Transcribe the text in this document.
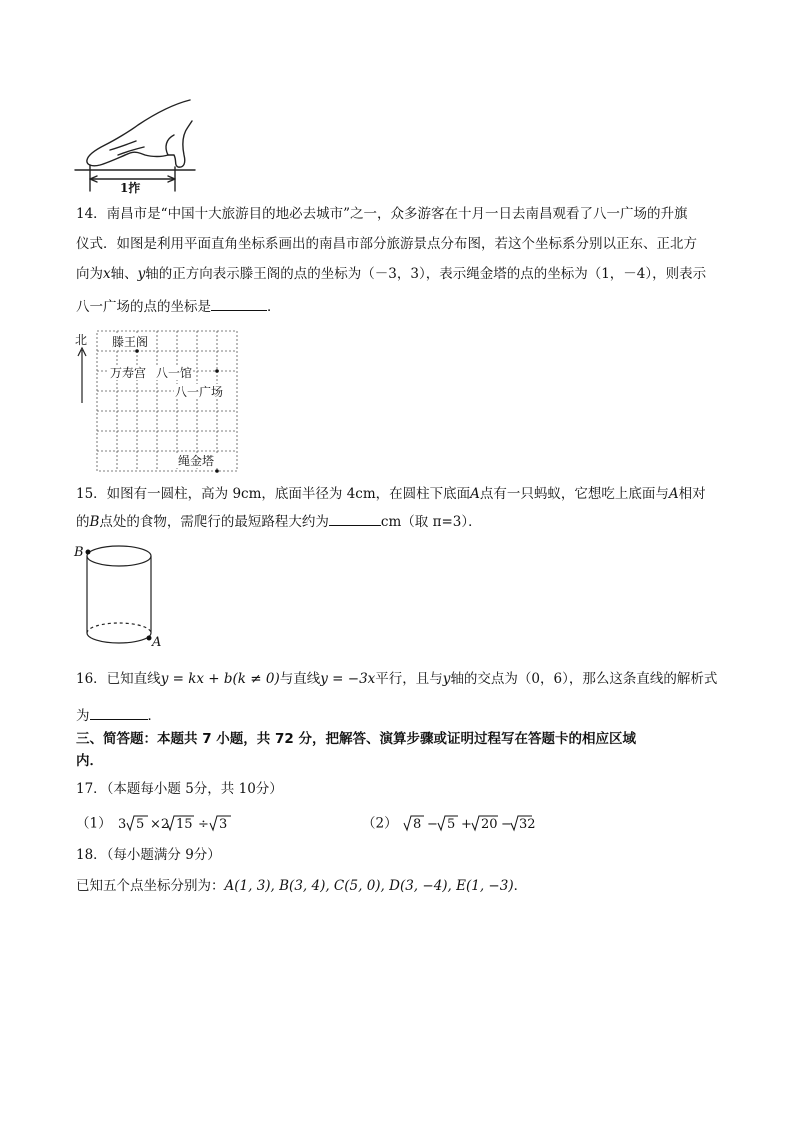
1拃
14．南昌市是“中国十大旅游目的地必去城市”之一，众多游客在十月一日去南昌观看了八一广场的升旗
仪式．如图是利用平面直角坐标系画出的南昌市部分旅游景点分布图，若这个坐标系分别以正东、正北方
向为x轴、y轴的正方向表示滕王阁的点的坐标为（－3，3），表示绳金塔的点的坐标为（1，－4），则表示
八一广场的点的坐标是	．
北 滕王阁
万寿宫 八一馆
八一广场
绳金塔
15．如图有一圆柱，高为 9cm，底面半径为 4cm，在圆柱下底面A点有一只蚂蚁，它想吃上底面与A相对
的B点处的食物，需爬行的最短路程大约为	cm（取 π=3）．
B
A
16．已知直线y = kx + b(k ≠ 0)与直线y = −3x平行，且与y轴的交点为（0，6），那么这条直线的解析式
为	．
三、简答题：本题共 7 小题，共 72 分，把解答、演算步骤或证明过程写在答题卡的相应区域
内．
17．（本题每小题 5分，共 10分）
（1） 3 5 ×2 15 ÷ 3	（2） 8 − 5 + 20 − 32
18．（每小题满分 9分）
已知五个点坐标分别为：A(1, 3), B(3, 4), C(5, 0), D(3, −4), E(1, −3)．
